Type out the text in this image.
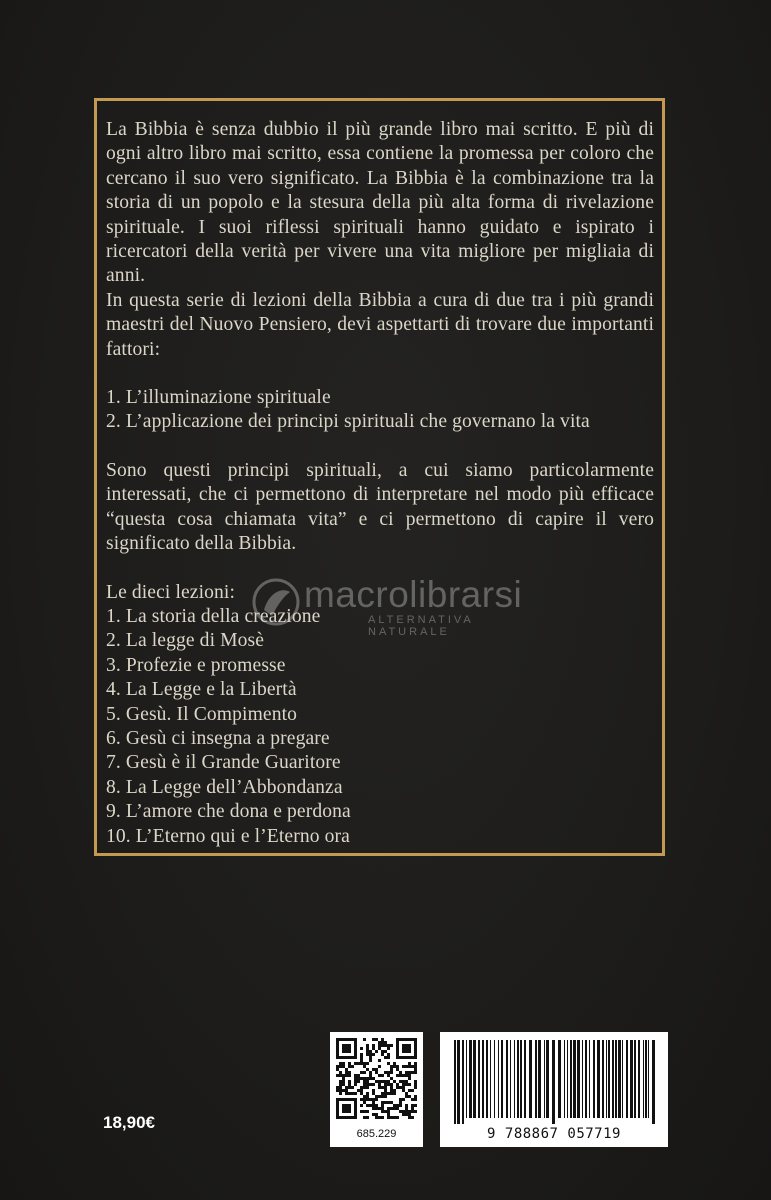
La Bibbia è senza dubbio il più grande libro mai scritto. E più di ogni altro libro mai scritto, essa contiene la promessa per coloro che cercano il suo vero significato. La Bibbia è la combinazione tra la storia di un popolo e la stesura della più alta forma di rivelazione spirituale. I suoi riflessi spirituali hanno guidato e ispirato i ricercatori della verità per vivere una vita migliore per migliaia di anni.

In questa serie di lezioni della Bibbia a cura di due tra i più grandi maestri del Nuovo Pensiero, devi aspettarti di trovare due importanti fattori:

1. L’illuminazione spirituale

2. L’applicazione dei principi spirituali che governano la vita

Sono questi principi spirituali, a cui siamo particolarmente interessati, che ci permettono di interpretare nel modo più efficace “questa cosa chiamata vita” e ci permettono di capire il vero significato della Bibbia.

Le dieci lezioni:

1. La storia della creazione

2. La legge di Mosè

3. Profezie e promesse

4. La Legge e la Libertà

5. Gesù. Il Compimento

6. Gesù ci insegna a pregare

7. Gesù è il Grande Guaritore

8. La Legge dell’Abbondanza

9. L’amore che dona e perdona

10. L’Eterno qui e l’Eterno ora

macrolibrarsi
ALTERNATIVA NATURALE
18,90€
685.229	9 788867 057719
